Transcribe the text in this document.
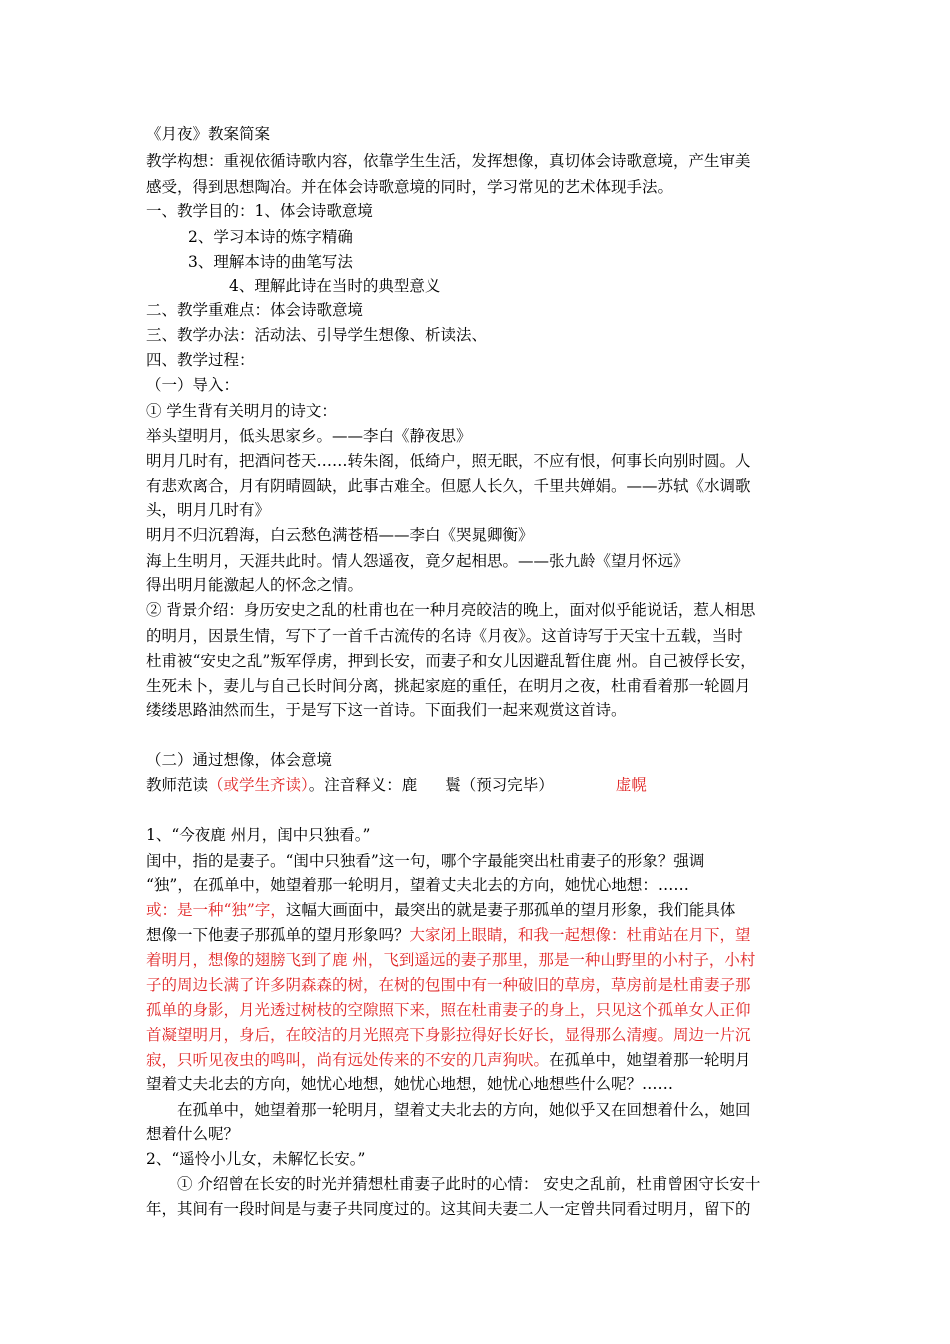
《月夜》教案简案
教学构想：重视依循诗歌内容，依靠学生生活，发挥想像，真切体会诗歌意境，产生审美
感受，得到思想陶冶。并在体会诗歌意境的同时，学习常见的艺术体现手法。
一、教学目的：1、体会诗歌意境
2、学习本诗的炼字精确
3、理解本诗的曲笔写法
4、理解此诗在当时的典型意义
二、教学重难点：体会诗歌意境
三、教学办法：活动法、引导学生想像、析读法、
四、教学过程：
（一）导入：
① 学生背有关明月的诗文：
举头望明月，低头思家乡。——李白《静夜思》
明月几时有，把酒问苍天……转朱阁，低绮户，照无眠，不应有恨，何事长向别时圆。人
有悲欢离合，月有阴晴圆缺，此事古难全。但愿人长久，千里共婵娟。——苏轼《水调歌
头，明月几时有》
明月不归沉碧海，白云愁色满苍梧——李白《哭晁卿衡》
海上生明月，天涯共此时。情人怨遥夜，竟夕起相思。——张九龄《望月怀远》
得出明月能激起人的怀念之情。
② 背景介绍：身历安史之乱的杜甫也在一种月亮皎洁的晚上，面对似乎能说话，惹人相思
的明月，因景生情，写下了一首千古流传的名诗《月夜》。这首诗写于天宝十五载，当时
杜甫被“安史之乱”叛军俘虏，押到长安，而妻子和女儿因避乱暂住鹿 州。自己被俘长安，
生死未卜，妻儿与自己长时间分离，挑起家庭的重任，在明月之夜，杜甫看着那一轮圆月
缕缕思路油然而生，于是写下这一首诗。下面我们一起来观赏这首诗。
（二）通过想像，体会意境
教师范读（或学生齐读）。注音释义：鹿 鬟（预习完毕）	虚幌
1、“今夜鹿 州月，闺中只独看。”
闺中，指的是妻子。“闺中只独看”这一句，哪个字最能突出杜甫妻子的形象？强调
“独”，在孤单中，她望着那一轮明月，望着丈夫北去的方向，她忧心地想：……
或：是一种“独”字，这幅大画面中，最突出的就是妻子那孤单的望月形象，我们能具体
想像一下他妻子那孤单的望月形象吗？大家闭上眼睛，和我一起想像：杜甫站在月下，望
着明月，想像的翅膀飞到了鹿 州，飞到遥远的妻子那里，那是一种山野里的小村子，小村
子的周边长满了许多阴森森的树，在树的包围中有一种破旧的草房，草房前是杜甫妻子那
孤单的身影，月光透过树枝的空隙照下来，照在杜甫妻子的身上，只见这个孤单女人正仰
首凝望明月，身后，在皎洁的月光照亮下身影拉得好长好长，显得那么清瘦。周边一片沉
寂，只听见夜虫的鸣叫，尚有远处传来的不安的几声狗吠。在孤单中，她望着那一轮明月
望着丈夫北去的方向，她忧心地想，她忧心地想，她忧心地想些什么呢？……
在孤单中，她望着那一轮明月，望着丈夫北去的方向，她似乎又在回想着什么，她回
想着什么呢？
2、“遥怜小儿女，未解忆长安。”
① 介绍曾在长安的时光并猜想杜甫妻子此时的心情： 安史之乱前，杜甫曾困守长安十
年，其间有一段时间是与妻子共同度过的。这其间夫妻二人一定曾共同看过明月，留下的
